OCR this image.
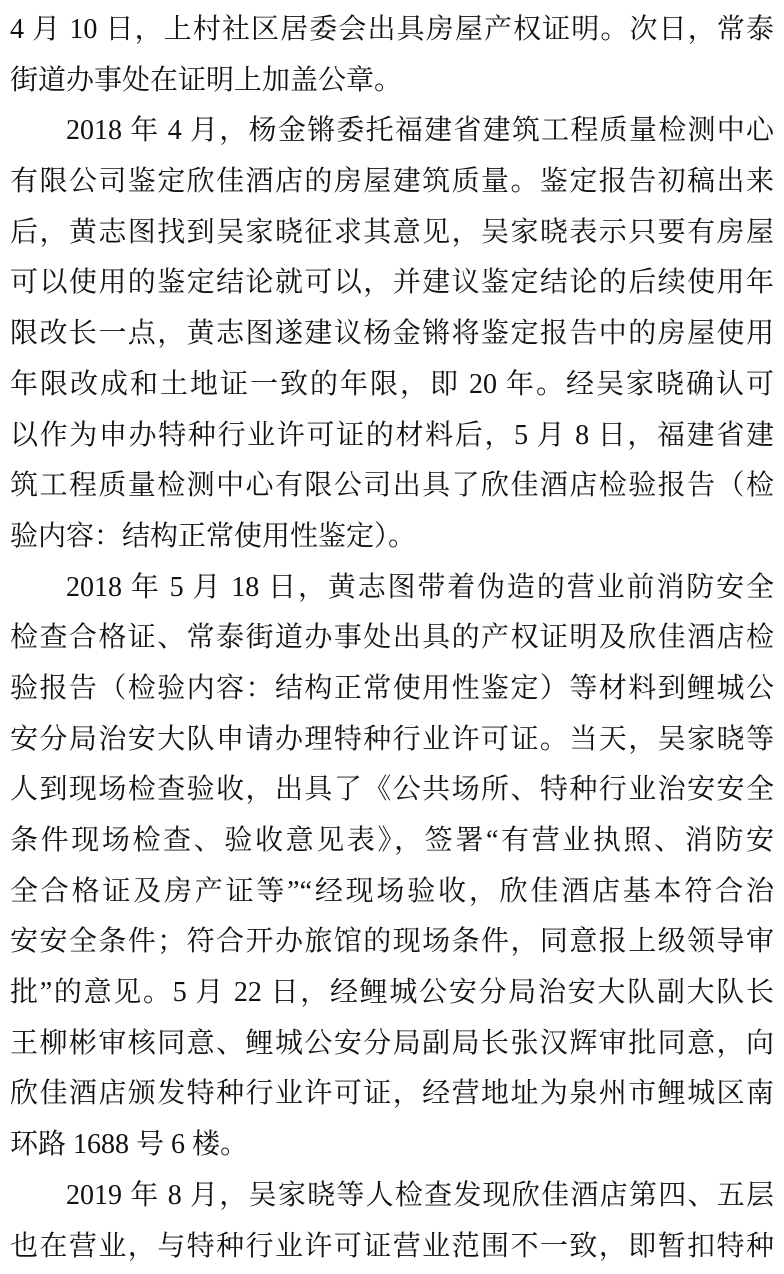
4 月 10 日，上村社区居委会出具房屋产权证明。次日，常泰
街道办事处在证明上加盖公章。
2018 年 4 月，杨金锵委托福建省建筑工程质量检测中心
有限公司鉴定欣佳酒店的房屋建筑质量。鉴定报告初稿出来
后，黄志图找到吴家晓征求其意见，吴家晓表示只要有房屋
可以使用的鉴定结论就可以，并建议鉴定结论的后续使用年
限改长一点，黄志图遂建议杨金锵将鉴定报告中的房屋使用
年限改成和土地证一致的年限，即 20 年。经吴家晓确认可
以作为申办特种行业许可证的材料后，5 月 8 日，福建省建
筑工程质量检测中心有限公司出具了欣佳酒店检验报告（检
验内容：结构正常使用性鉴定）。
2018 年 5 月 18 日，黄志图带着伪造的营业前消防安全
检查合格证、常泰街道办事处出具的产权证明及欣佳酒店检
验报告（检验内容：结构正常使用性鉴定）等材料到鲤城公
安分局治安大队申请办理特种行业许可证。当天，吴家晓等
人到现场检查验收，出具了《公共场所、特种行业治安安全
条件现场检查、验收意见表》，签署“有营业执照、消防安
全合格证及房产证等”“经现场验收，欣佳酒店基本符合治
安安全条件；符合开办旅馆的现场条件，同意报上级领导审
批”的意见。5 月 22 日，经鲤城公安分局治安大队副大队长
王柳彬审核同意、鲤城公安分局副局长张汉辉审批同意，向
欣佳酒店颁发特种行业许可证，经营地址为泉州市鲤城区南
环路 1688 号 6 楼。
2019 年 8 月，吴家晓等人检查发现欣佳酒店第四、五层
也在营业，与特种行业许可证营业范围不一致，即暂扣特种
